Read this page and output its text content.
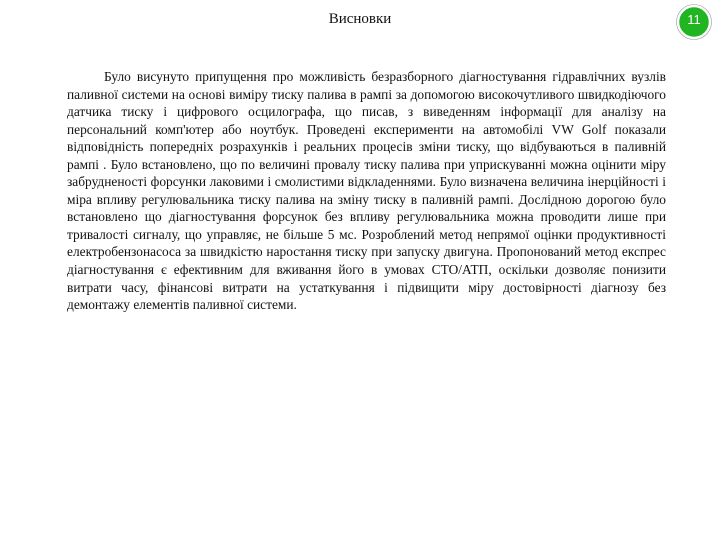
Висновки	11

Було висунуто припущення про можливість безразборного діагностування гідравлічних вузлів паливної системи на основі виміру тиску палива в рампі за допомогою високочутливого швидкодіючого датчика тиску і цифрового осцилографа, що писав, з виведенням інформації для аналізу на персональний комп'ютер або ноутбук. Проведені експерименти на автомобілі VW Golf показали відповідність попередніх розрахунків і реальних процесів зміни тиску, що відбуваються в паливній рампі . Було встановлено, що по величині провалу тиску палива при уприскуванні можна оцінити міру забрудненості форсунки лаковими і смолистими відкладеннями. Було визначена величина інерційності і міра впливу регулювальника тиску палива на зміну тиску в паливній рампі. Дослідною дорогою було встановлено що діагностування форсунок без впливу регулювальника можна проводити лише при тривалості сигналу, що управляє, не більше 5 мс. Розроблений метод непрямої оцінки продуктивності електробензонасоса за швидкістю наростання тиску при запуску двигуна. Пропонований метод експрес діагностування є ефективним для вживання його в умовах СТО/АТП, оскільки дозволяє понизити витрати часу, фінансові витрати на устаткування і підвищити міру достовірності діагнозу без демонтажу елементів паливної системи.
